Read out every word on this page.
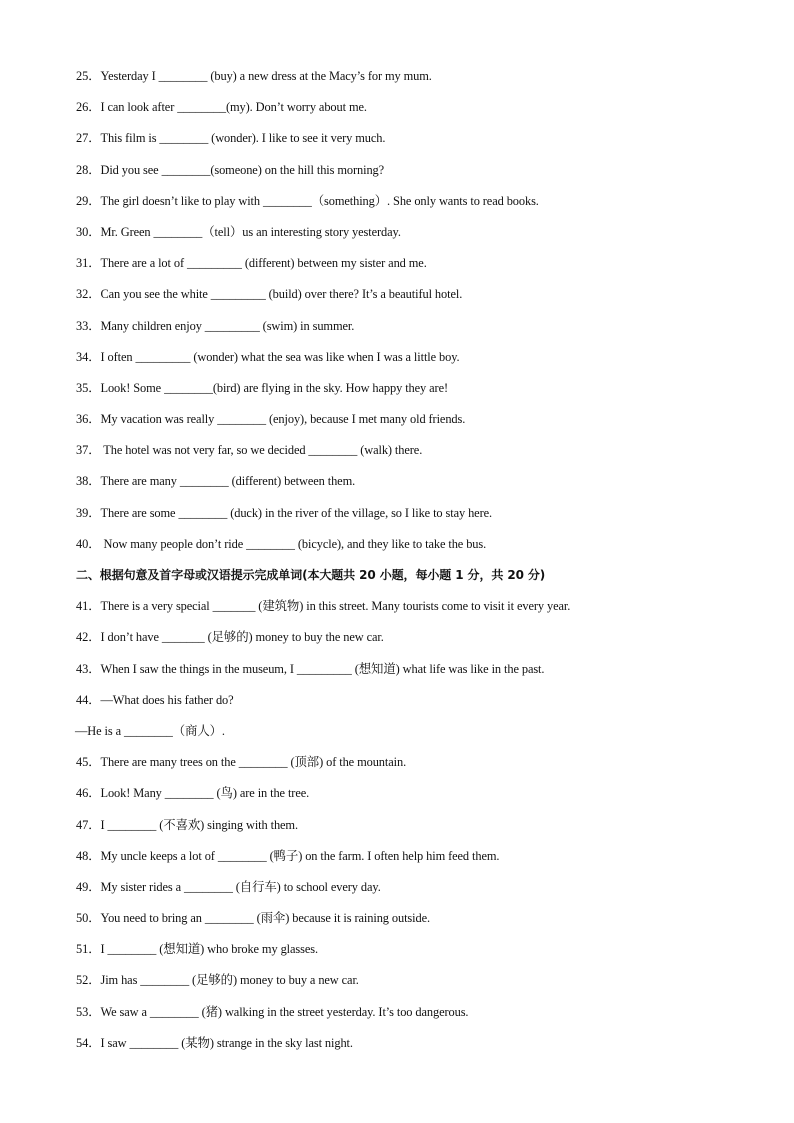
25．Yesterday I ________ (buy) a new dress at the Macy’s for my mum.
26．I can look after ________(my). Don’t worry about me.
27．This film is ________ (wonder). I like to see it very much.
28．Did you see ________(someone) on the hill this morning?
29．The girl doesn’t like to play with ________（something）. She only wants to read books.
30．Mr. Green ________（tell）us an interesting story yesterday.
31．There are a lot of _________ (different) between my sister and me.
32．Can you see the white _________ (build) over there? It’s a beautiful hotel.
33．Many children enjoy _________ (swim) in summer.
34．I often _________ (wonder) what the sea was like when I was a little boy.
35．Look! Some ________(bird) are flying in the sky. How happy they are!
36．My vacation was really ________ (enjoy), because I met many old friends.
37． The hotel was not very far, so we decided ________ (walk) there.
38．There are many ________ (different) between them.
39．There are some ________ (duck) in the river of the village, so I like to stay here.
40． Now many people don’t ride ________ (bicycle), and they like to take the bus.
二、根据句意及首字母或汉语提示完成单词(本大题共 20 小题，每小题 1 分，共 20 分)
41．There is a very special _______ (建筑物) in this street. Many tourists come to visit it every year.
42．I don’t have _______ (足够的) money to buy the new car.
43．When I saw the things in the museum, I _________ (想知道) what life was like in the past.
44．—What does his father do?
—He is a ________（商人）.
45．There are many trees on the ________ (顶部) of the mountain.
46．Look! Many ________ (鸟) are in the tree.
47．I ________ (不喜欢) singing with them.
48．My uncle keeps a lot of ________ (鸭子) on the farm. I often help him feed them.
49．My sister rides a ________ (自行车) to school every day.
50．You need to bring an ________ (雨伞) because it is raining outside.
51．I ________ (想知道) who broke my glasses.
52．Jim has ________ (足够的) money to buy a new car.
53．We saw a ________ (猪) walking in the street yesterday. It’s too dangerous.
54．I saw ________ (某物) strange in the sky last night.
